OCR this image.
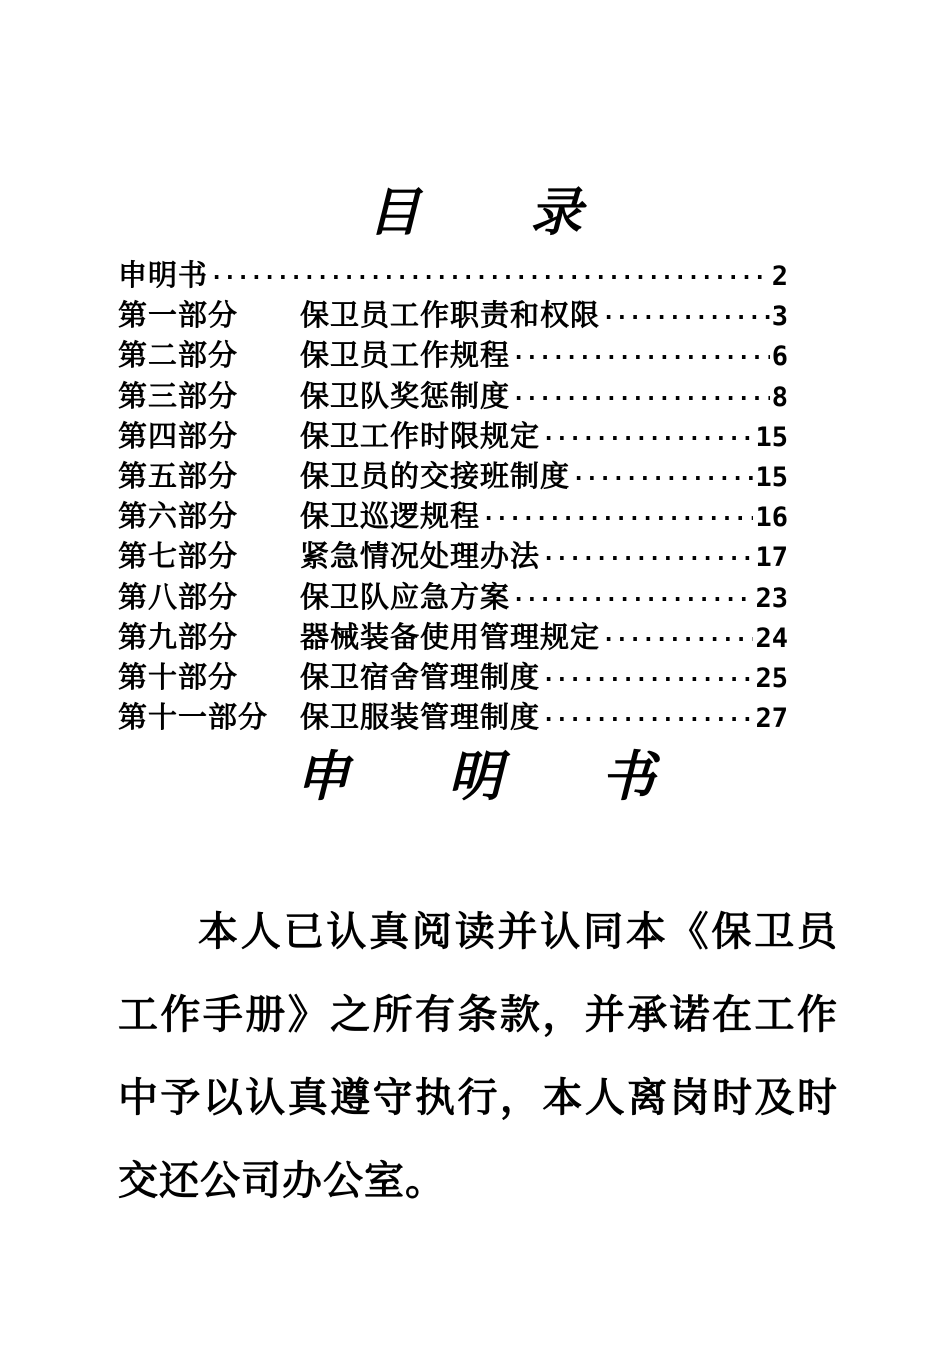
目 录
申明书 ·····	2
第一部分	保卫员工作职责和权限 ·····	3
第二部分	保卫员工作规程 ·····	6
第三部分	保卫队奖惩制度 ·····	8
第四部分	保卫工作时限规定 ·····	15
第五部分	保卫员的交接班制度 ·····	15
第六部分	保卫巡逻规程 ·····	16
第七部分	紧急情况处理办法 ·····	17
第八部分	保卫队应急方案 ·····	23
第九部分	器械装备使用管理规定 ·····	24
第十部分	保卫宿舍管理制度 ·····	25
第十一部分	保卫服装管理制度 ·····	27
申 明 书

本人已认真阅读并认同本《保卫员工作手册》之所有条款，并承诺在工作中予以认真遵守执行，本人离岗时及时交还公司办公室。
